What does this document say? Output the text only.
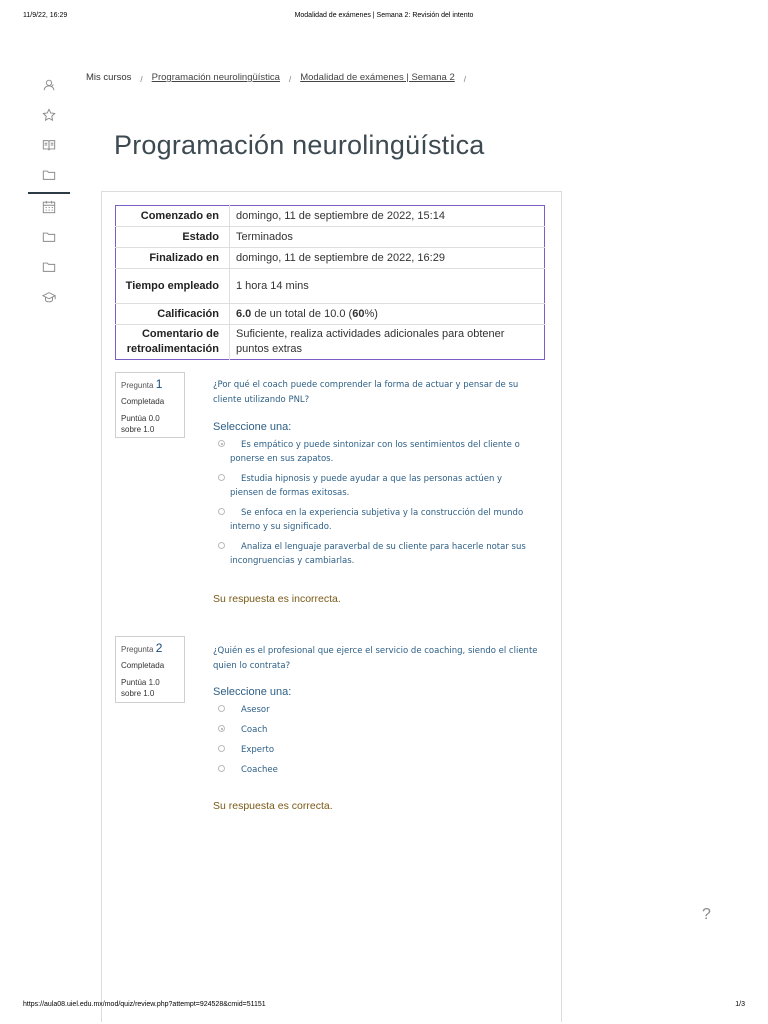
11/9/22, 16:29	Modalidad de exámenes | Semana 2: Revisión del intento
Mis cursos / Programación neurolingüística / Modalidad de exámenes | Semana 2 /
Programación neurolingüística
Comenzado en	domingo, 11 de septiembre de 2022, 15:14
Estado	Terminados
Finalizado en	domingo, 11 de septiembre de 2022, 16:29
Tiempo empleado	1 hora 14 mins
Calificación	6.0 de un total de 10.0 (60%)
Comentario de retroalimentación	Suficiente, realiza actividades adicionales para obtener puntos extras
Pregunta 1
Completada
Puntúa 0.0 sobre 1.0
¿Por qué el coach puede comprender la forma de actuar y pensar de su cliente utilizando PNL?
Seleccione una:
Es empático y puede sintonizar con los sentimientos del cliente o ponerse en sus zapatos.
Estudia hipnosis y puede ayudar a que las personas actúen y piensen de formas exitosas.
Se enfoca en la experiencia subjetiva y la construcción del mundo interno y su significado.
Analiza el lenguaje paraverbal de su cliente para hacerle notar sus incongruencias y cambiarlas.
Su respuesta es incorrecta.
Pregunta 2
Completada
Puntúa 1.0 sobre 1.0
¿Quién es el profesional que ejerce el servicio de coaching, siendo el cliente quien lo contrata?
Seleccione una:
Asesor
Coach
Experto
Coachee
Su respuesta es correcta.
?
https://aula08.uiel.edu.mx/mod/quiz/review.php?attempt=924528&cmid=51151	1/3
